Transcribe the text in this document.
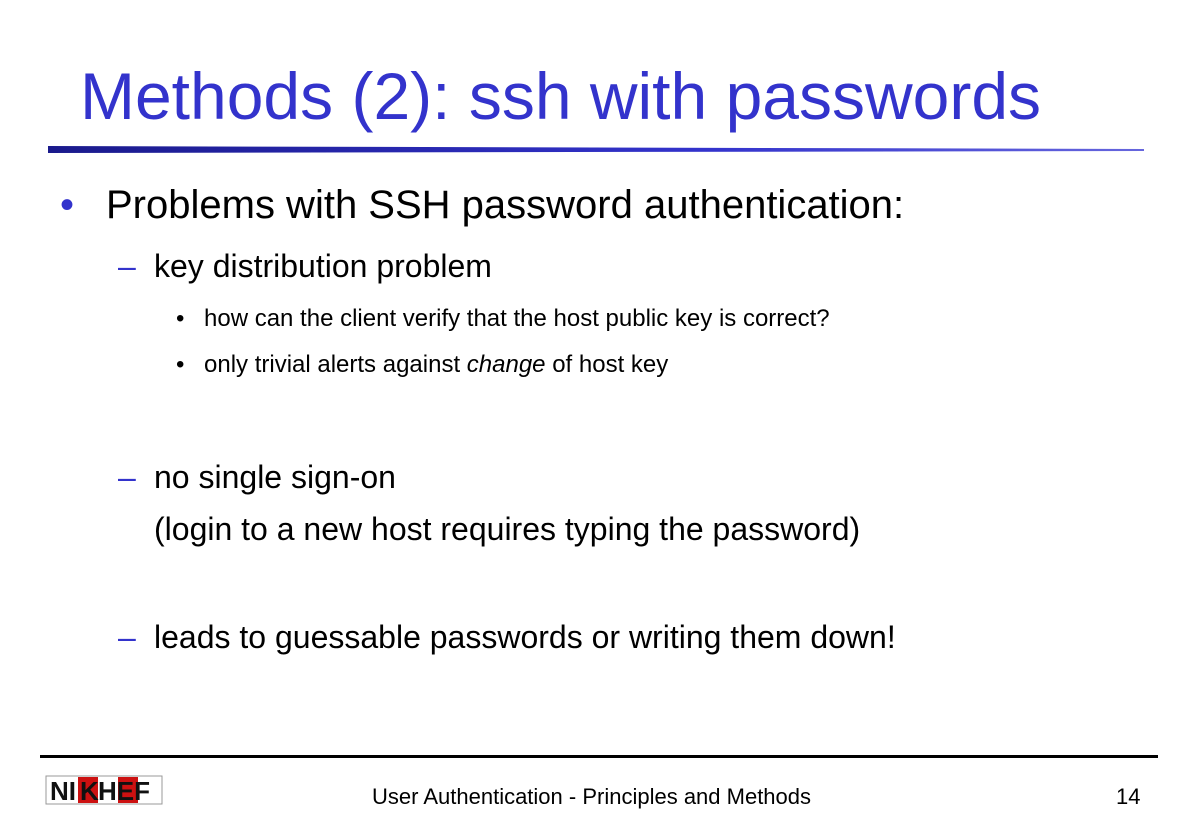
Methods (2): ssh with passwords
• Problems with SSH password authentication:
– key distribution problem
• how can the client verify that the host public key is correct?
• only trivial alerts against change of host key
– no single sign-on
(login to a new host requires typing the password)
– leads to guessable passwords or writing them down!
NI K HEF	User Authentication - Principles and Methods	14
